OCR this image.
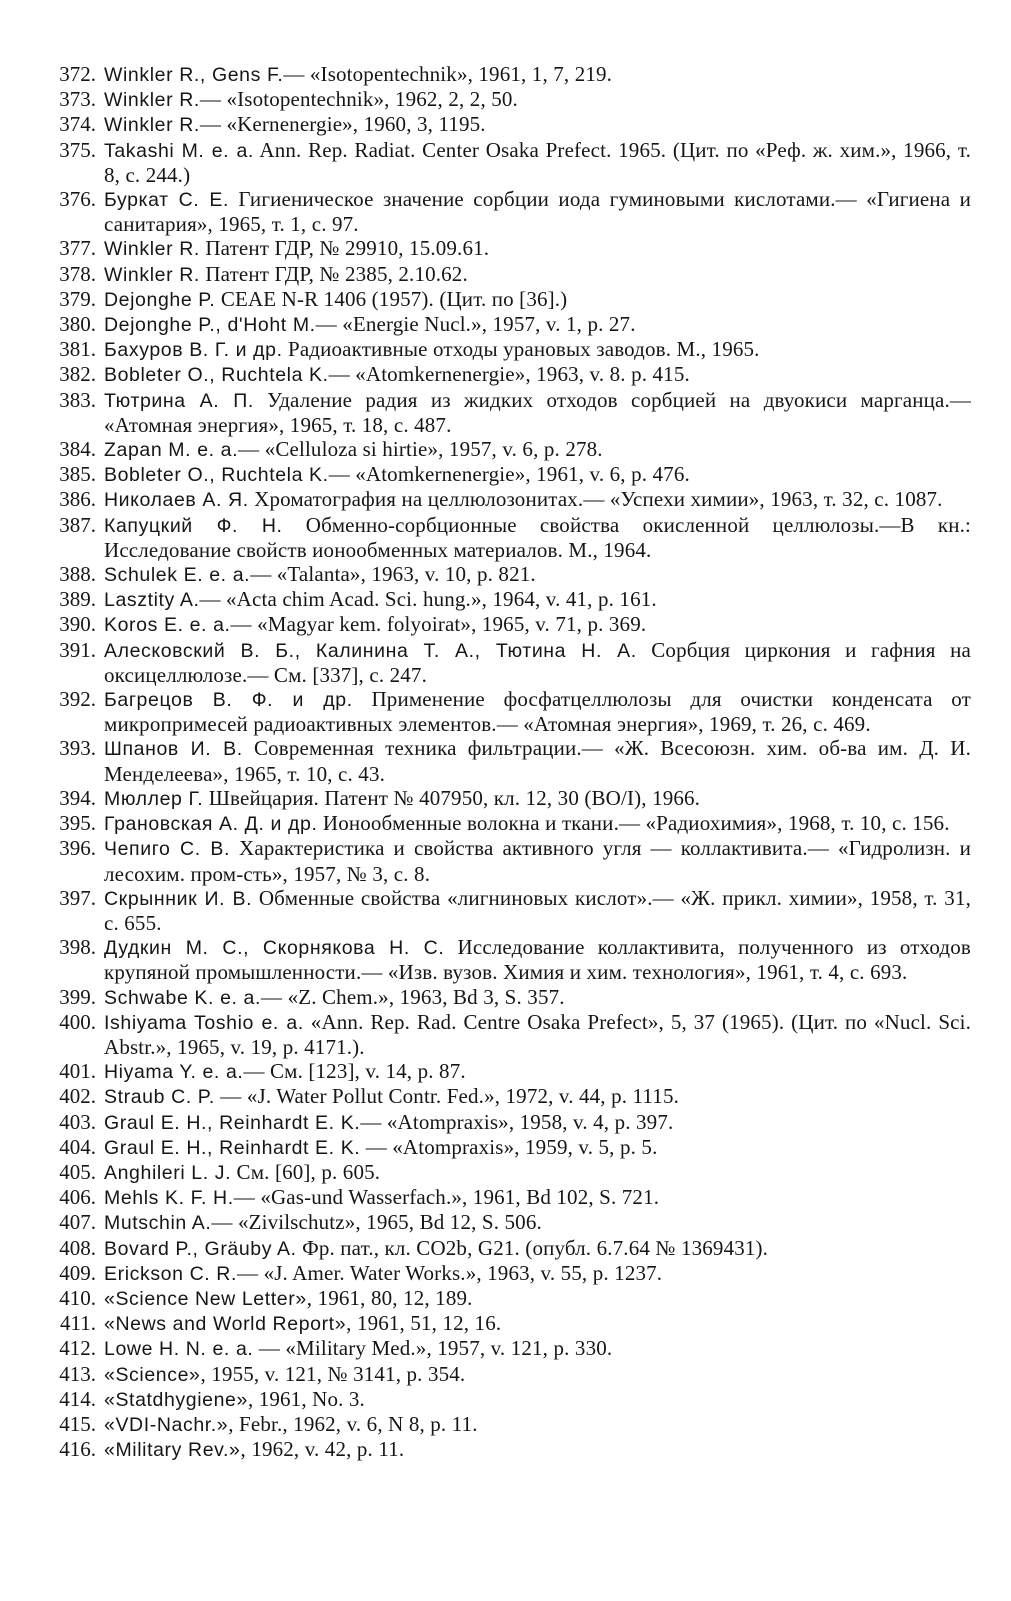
372. Winkler R., Gens F.— «Isotopentechnik», 1961, 1, 7, 219.
373. Winkler R.— «Isotopentechnik», 1962, 2, 2, 50.
374. Winkler R.— «Kernenergie», 1960, 3, 1195.
375. Takashi M. e. a. Ann. Rep. Radiat. Center Osaka Prefect. 1965. (Цит. по «Реф. ж. хим.», 1966, т. 8, с. 244.)
376. Буркат С. Е. Гигиеническое значение сорбции иода гуминовыми кислотами.— «Гигиена и санитария», 1965, т. 1, с. 97.
377. Winkler R. Патент ГДР, № 29910, 15.09.61.
378. Winkler R. Патент ГДР, № 2385, 2.10.62.
379. Dejonghe P. CEAE N-R 1406 (1957). (Цит. по [36].)
380. Dejonghe P., d'Hoht M.— «Energie Nucl.», 1957, v. 1, p. 27.
381. Бахуров В. Г. и др. Радиоактивные отходы урановых заводов. М., 1965.
382. Bobleter O., Ruchtela K.— «Atomkernenergie», 1963, v. 8. p. 415.
383. Тютрина А. П. Удаление радия из жидких отходов сорбцией на двуокиси марганца.— «Атомная энергия», 1965, т. 18, с. 487.
384. Zapan M. e. a.— «Celluloza si hirtie», 1957, v. 6, p. 278.
385. Bobleter O., Ruchtela K.— «Atomkernenergie», 1961, v. 6, p. 476.
386. Николаев А. Я. Хроматография на целлюлозонитах.— «Успехи химии», 1963, т. 32, с. 1087.
387. Капуцкий Ф. Н. Обменно-сорбционные свойства окисленной целлюлозы.—В кн.: Исследование свойств ионообменных материалов. М., 1964.
388. Schulek E. e. a.— «Talanta», 1963, v. 10, p. 821.
389. Lasztity A.— «Acta chim Acad. Sci. hung.», 1964, v. 41, p. 161.
390. Koros E. e. a.— «Magyar kem. folyoirat», 1965, v. 71, p. 369.
391. Алесковский В. Б., Калинина Т. А., Тютина Н. А. Сорбция циркония и гафния на оксицеллюлозе.— См. [337], с. 247.
392. Багрецов В. Ф. и др. Применение фосфатцеллюлозы для очистки конденсата от микропримесей радиоактивных элементов.— «Атомная энергия», 1969, т. 26, с. 469.
393. Шпанов И. В. Современная техника фильтрации.— «Ж. Всесоюзн. хим. об-ва им. Д. И. Менделеева», 1965, т. 10, с. 43.
394. Мюллер Г. Швейцария. Патент № 407950, кл. 12, 30 (BO/I), 1966.
395. Грановская А. Д. и др. Ионообменные волокна и ткани.— «Радиохимия», 1968, т. 10, с. 156.
396. Чепиго С. В. Характеристика и свойства активного угля — коллактивита.— «Гидролизн. и лесохим. пром-сть», 1957, № 3, с. 8.
397. Скрынник И. В. Обменные свойства «лигниновых кислот».— «Ж. прикл. химии», 1958, т. 31, с. 655.
398. Дудкин М. С., Скорнякова Н. С. Исследование коллактивита, полученного из отходов крупяной промышленности.— «Изв. вузов. Химия и хим. технология», 1961, т. 4, с. 693.
399. Schwabe K. e. a.— «Z. Chem.», 1963, Bd 3, S. 357.
400. Ishiyama Toshio e. a. «Ann. Rep. Rad. Centre Osaka Prefect», 5, 37 (1965). (Цит. по «Nucl. Sci. Abstr.», 1965, v. 19, p. 4171.).
401. Hiyama Y. e. a.— См. [123], v. 14, p. 87.
402. Straub C. P. — «J. Water Pollut Contr. Fed.», 1972, v. 44, p. 1115.
403. Graul E. H., Reinhardt E. K.— «Atompraxis», 1958, v. 4, p. 397.
404. Graul E. H., Reinhardt E. K. — «Atompraxis», 1959, v. 5, p. 5.
405. Anghileri L. J. См. [60], p. 605.
406. Mehls K. F. H.— «Gas-und Wasserfach.», 1961, Bd 102, S. 721.
407. Mutschin A.— «Zivilschutz», 1965, Bd 12, S. 506.
408. Bovard P., Gräuby A. Фр. пат., кл. CO2b, G21. (опубл. 6.7.64 № 1369431).
409. Erickson C. R.— «J. Amer. Water Works.», 1963, v. 55, p. 1237.
410. «Science New Letter», 1961, 80, 12, 189.
411. «News and World Report», 1961, 51, 12, 16.
412. Lowe H. N. e. a. — «Military Med.», 1957, v. 121, p. 330.
413. «Science», 1955, v. 121, № 3141, p. 354.
414. «Statdhygiene», 1961, No. 3.
415. «VDI-Nachr.», Febr., 1962, v. 6, N 8, p. 11.
416. «Military Rev.», 1962, v. 42, p. 11.
